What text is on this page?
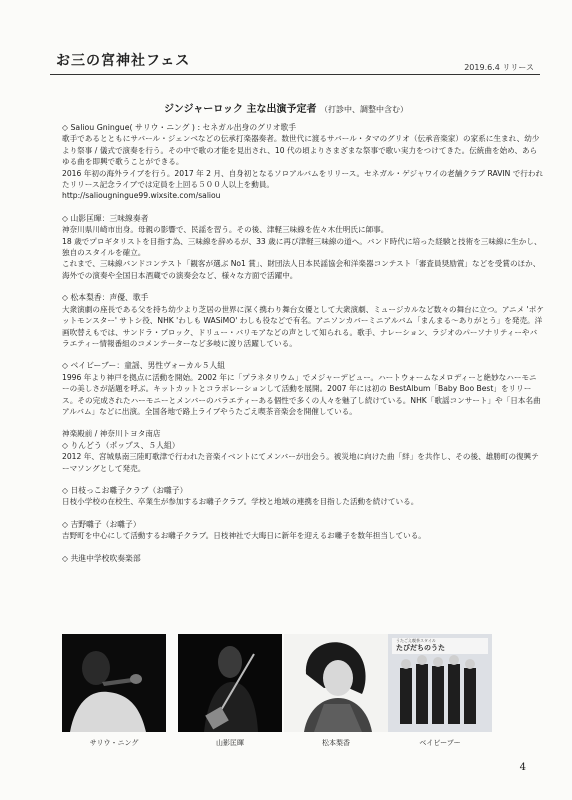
お三の宮神社フェス	2019.6.4 リリース
ジンジャーロック 主な出演予定者 （打診中、調整中含む）
◇ Saliou Gningue( サリウ・ニング ) : セネガル出身のグリオ歌手

歌手であるとともにサバール・ジェンベなどの伝承打楽器奏者。数世代に渡るサバール・タマのグリオ（伝承音楽家）の家系に生まれ、幼少より祭事 / 儀式で演奏を行う。その中で歌の才能を見出され、10 代の頃よりさまざまな祭事で歌い実力をつけてきた。伝統曲を始め、あらゆる曲を即興で歌うことができる。

2016 年初の海外ライブを行う。2017 年 2 月、自身初となるソロアルバムをリリース。セネガル・ゲジャワイの老舗クラブ RAVIN で行われたリリース記念ライブでは定員を上回る５００人以上を動員。

http://saliougningue99.wixsite.com/saliou

◇ 山影匡暉：三味線奏者

神奈川県川崎市出身。母親の影響で、民謡を習う。その後、津軽三味線を佐々木仕明氏に師事。

18 歳でプロギタリストを目指す為、三味線を辞めるが、33 歳に再び津軽三味線の道へ。バンド時代に培った経験と技術を三味線に生かし、独自のスタイルを確立。

これまで、三味線バンドコンテスト「観客が選ぶ No1 賞」、財団法人日本民謡協会和洋楽器コンテスト「審査員奨励賞」などを受賞のほか、海外での演奏や全国日本酒蔵での演奏会など、様々な方面で活躍中。

◇ 松本梨香：声優、歌手

大衆演劇の座長である父を持ち幼少より芝居の世界に深く携わり舞台女優として大衆演劇、ミュージカルなど数々の舞台に立つ。アニメ 'ポケットモンスター' サトシ役、NHK 'わしも WASiMO' わしも役などで有名。アニソンカバーミニアルバム「まんまる〜ありがとう」を発売。洋画吹替えもでは、サンドラ・ブロック、ドリュー・バリモアなどの声として知られる。歌手、ナレーション、ラジオのパーソナリティーやバラエティー情報番組のコメンテーターなど多岐に渡り活躍している。

◇ ベイビーブー：童謡、男性ヴォーカル５人組

1996 年より神戸を拠点に活動を開始。2002 年に「プラネタリウム」でメジャーデビュー。ハートウォームなメロディーと絶妙なハーモニーの美しさが話題を呼ぶ。キットカットとコラボレーションして活動を展開。2007 年には初の BestAlbum「Baby Boo Best」をリリース。その完成されたハーモニーとメンバーのバラエティーある個性で多くの人々を魅了し続けている。NHK「歌謡コンサート」や「日本名曲アルバム」などに出演。全国各地で路上ライブやうたごえ喫茶音楽会を開催している。

神楽殿前 / 神奈川トヨタ南店
◇ りんどう（ポップス、５人組）

2012 年、宮城県南三陸町歌津で行われた音楽イベントにてメンバーが出会う。被災地に向けた曲「絆」を共作し、その後、雄勝町の復興テーマソングとして発売。

◇ 日枝っこお囃子クラブ（お囃子）

日枝小学校の在校生、卒業生が参加するお囃子クラブ。学校と地域の連携を目指した活動を続けている。

◇ 吉野囃子（お囃子）

吉野町を中心にして活動するお囃子クラブ。日枝神社で大晦日に新年を迎えるお囃子を数年担当している。

◇ 共進中学校吹奏楽部
サリウ・ニング	山影匡暉	松本梨香
うたごえ喫茶スタイル
たびだちのうた
ベイビーブー
4
